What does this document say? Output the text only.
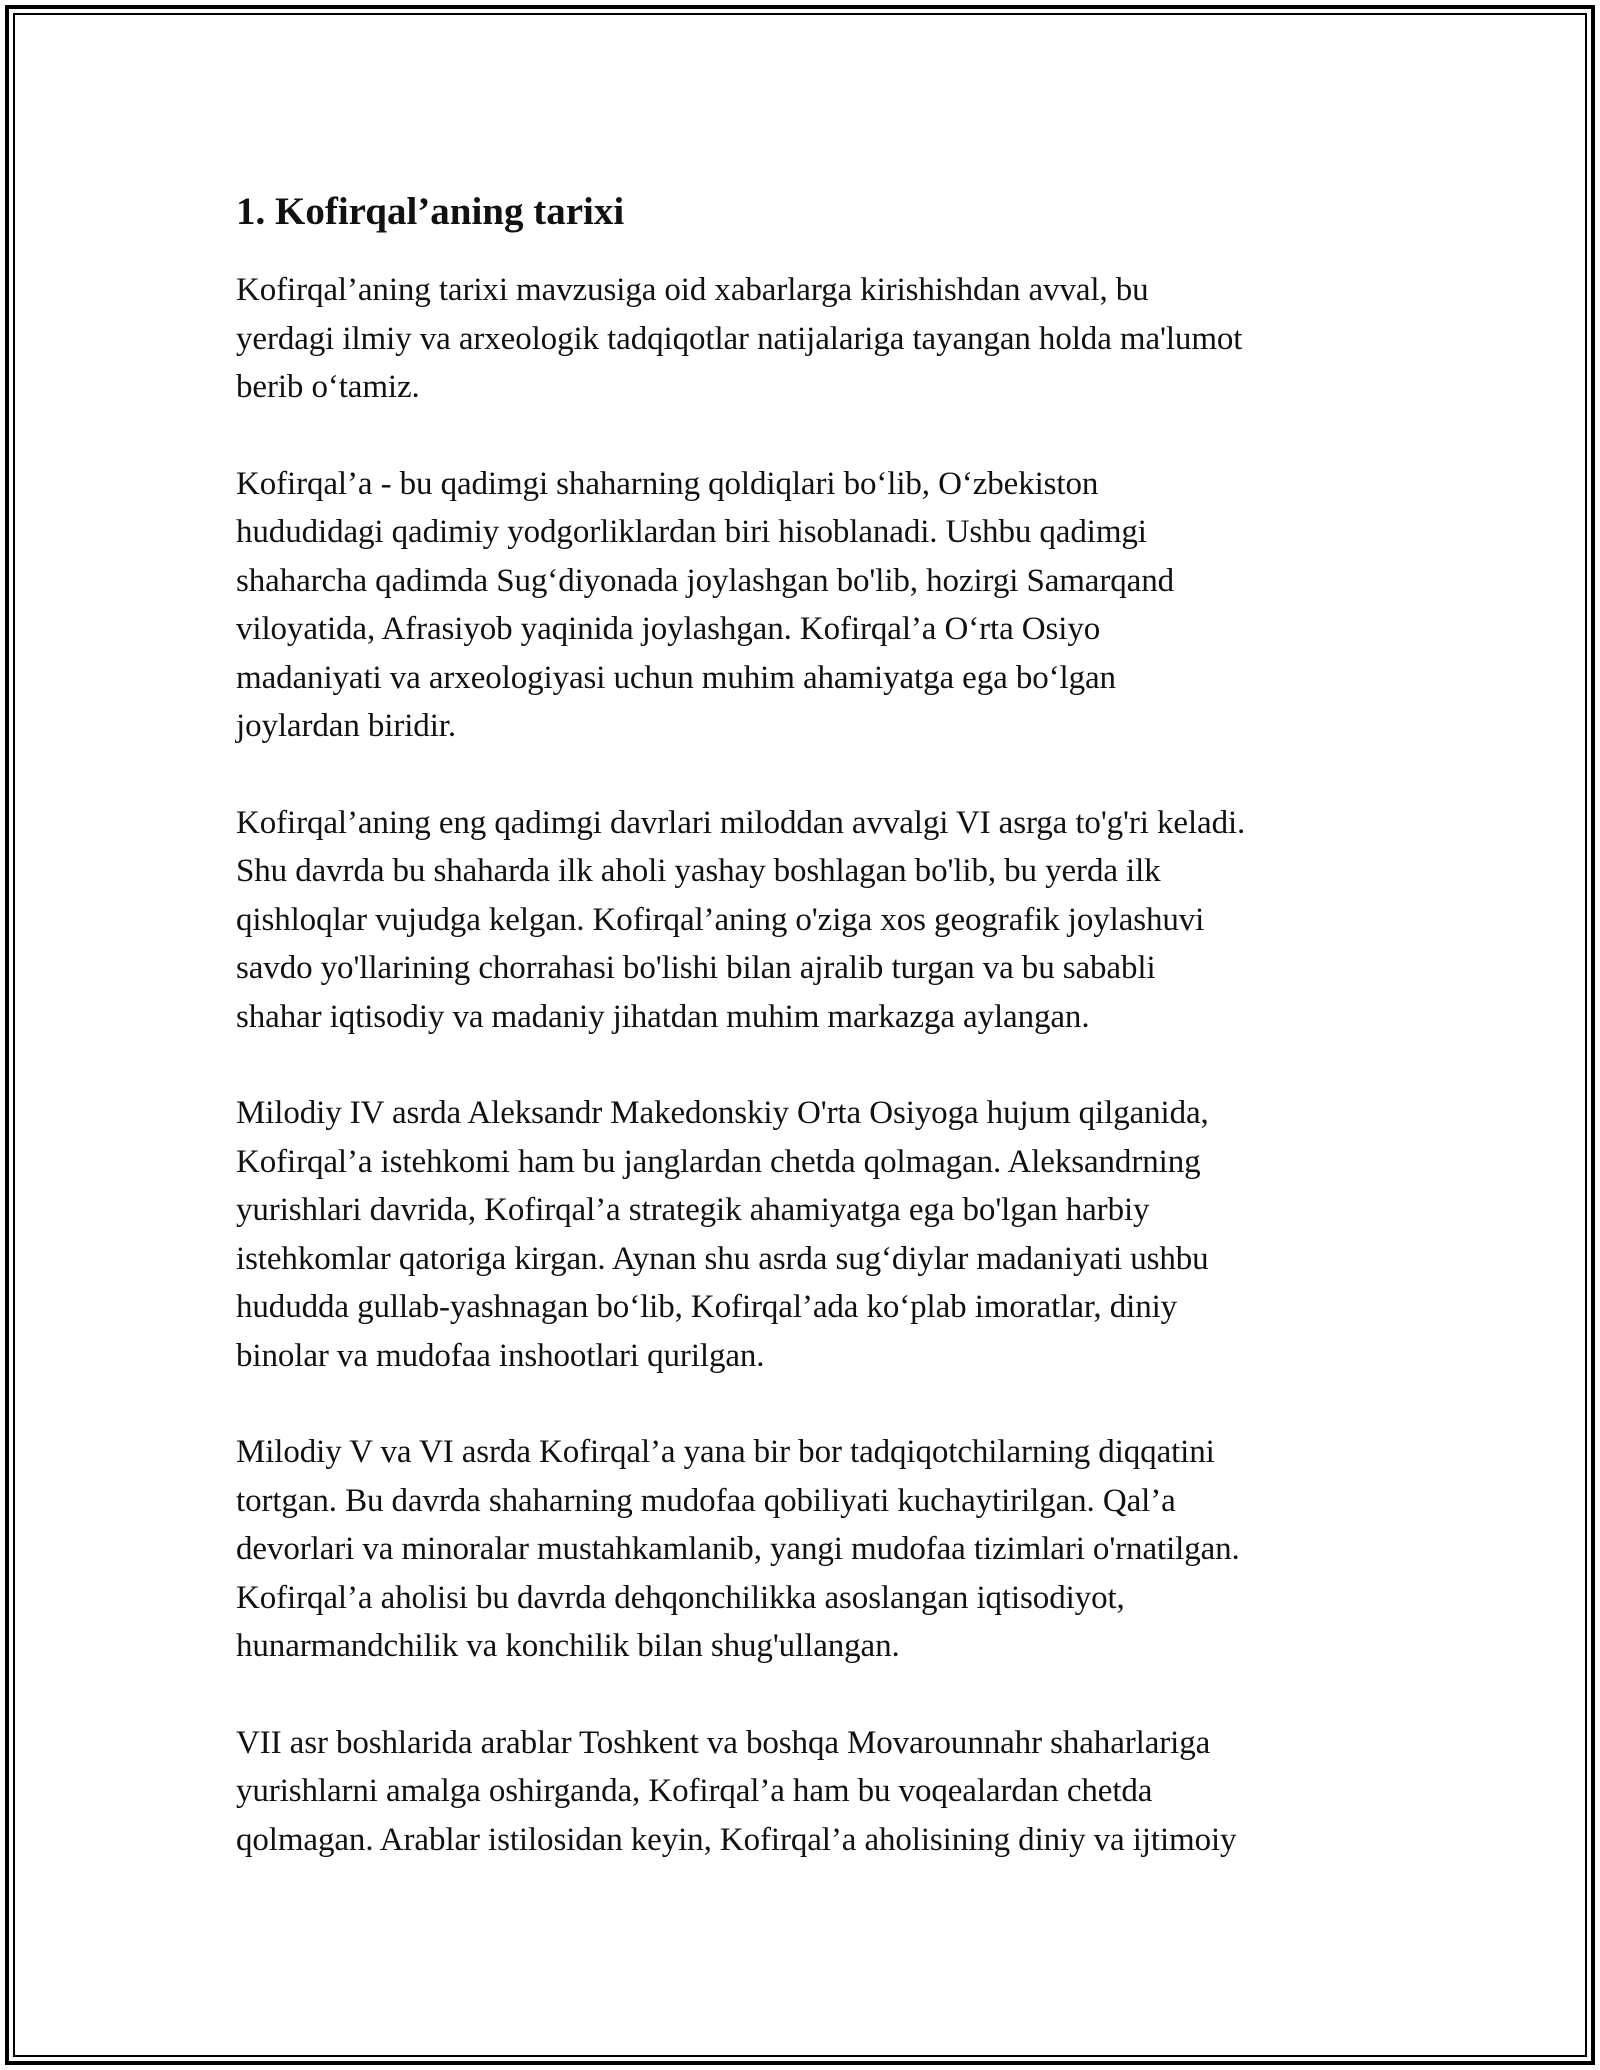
1. Kofirqal’aning tarixi

Kofirqal’aning tarixi mavzusiga oid xabarlarga kirishishdan avval, bu
yerdagi ilmiy va arxeologik tadqiqotlar natijalariga tayangan holda ma'lumot
berib o‘tamiz.

Kofirqal’a - bu qadimgi shaharning qoldiqlari bo‘lib, O‘zbekiston
hududidagi qadimiy yodgorliklardan biri hisoblanadi. Ushbu qadimgi
shaharcha qadimda Sug‘diyonada joylashgan bo'lib, hozirgi Samarqand
viloyatida, Afrasiyob yaqinida joylashgan. Kofirqal’a O‘rta Osiyo
madaniyati va arxeologiyasi uchun muhim ahamiyatga ega bo‘lgan
joylardan biridir.

Kofirqal’aning eng qadimgi davrlari miloddan avvalgi VI asrga to'g'ri keladi.
Shu davrda bu shaharda ilk aholi yashay boshlagan bo'lib, bu yerda ilk
qishloqlar vujudga kelgan. Kofirqal’aning o'ziga xos geografik joylashuvi
savdo yo'llarining chorrahasi bo'lishi bilan ajralib turgan va bu sababli
shahar iqtisodiy va madaniy jihatdan muhim markazga aylangan.

Milodiy IV asrda Aleksandr Makedonskiy O'rta Osiyoga hujum qilganida,
Kofirqal’a istehkomi ham bu janglardan chetda qolmagan. Aleksandrning
yurishlari davrida, Kofirqal’a strategik ahamiyatga ega bo'lgan harbiy
istehkomlar qatoriga kirgan. Aynan shu asrda sug‘diylar madaniyati ushbu
hududda gullab-yashnagan bo‘lib, Kofirqal’ada ko‘plab imoratlar, diniy
binolar va mudofaa inshootlari qurilgan.

Milodiy V va VI asrda Kofirqal’a yana bir bor tadqiqotchilarning diqqatini
tortgan. Bu davrda shaharning mudofaa qobiliyati kuchaytirilgan. Qal’a
devorlari va minoralar mustahkamlanib, yangi mudofaa tizimlari o'rnatilgan.
Kofirqal’a aholisi bu davrda dehqonchilikka asoslangan iqtisodiyot,
hunarmandchilik va konchilik bilan shug'ullangan.

VII asr boshlarida arablar Toshkent va boshqa Movarounnahr shaharlariga
yurishlarni amalga oshirganda, Kofirqal’a ham bu voqealardan chetda
qolmagan. Arablar istilosidan keyin, Kofirqal’a aholisining diniy va ijtimoiy
